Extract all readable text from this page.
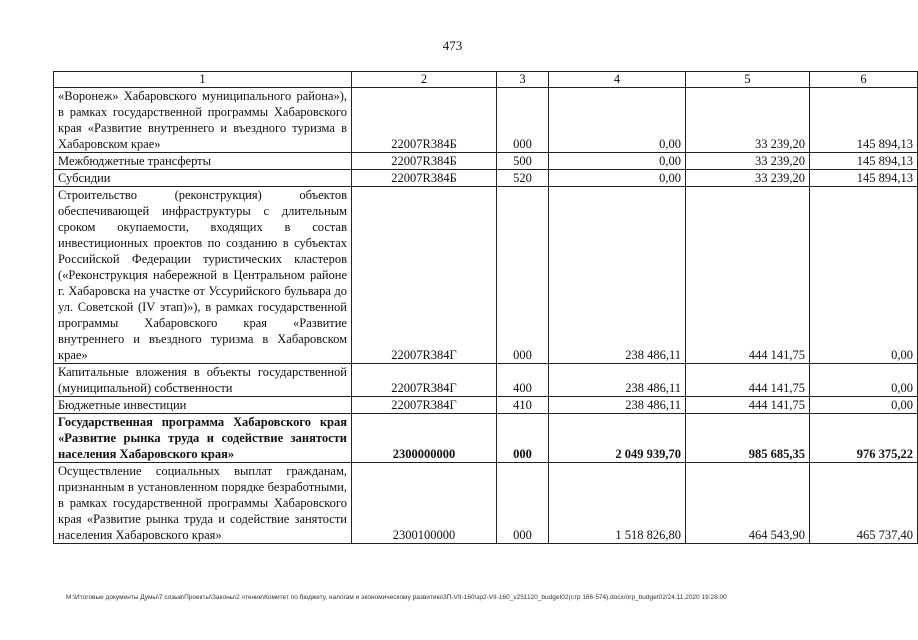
473
1	2	3	4	5	6
«Воронеж» Хабаровского муниципального района»), в рамках государственной программы Хабаровского края «Развитие внутреннего и въездного туризма в Хабаровском крае»	22007R384Б	000	0,00	33 239,20	145 894,13
Межбюджетные трансферты	22007R384Б	500	0,00	33 239,20	145 894,13
Субсидии	22007R384Б	520	0,00	33 239,20	145 894,13
Строительство (реконструкция) объектов обеспечивающей инфраструктуры с длительным сроком окупаемости, входящих в состав инвестиционных проектов по созданию в субъектах Российской Федерации туристических кластеров («Реконструкция набережной в Центральном районе г. Хабаровска на участке от Уссурийского бульвара до ул. Советской (IV этап)»), в рамках государственной программы Хабаровского края «Развитие внутреннего и въездного туризма в Хабаровском крае»	22007R384Г	000	238 486,11	444 141,75	0,00
Капитальные вложения в объекты государственной (муниципальной) собственности	22007R384Г	400	238 486,11	444 141,75	0,00
Бюджетные инвестиции	22007R384Г	410	238 486,11	444 141,75	0,00
Государственная программа Хабаровского края «Развитие рынка труда и содействие занятости населения Хабаровского края»	2300000000	000	2 049 939,70	985 685,35	976 375,22
Осуществление социальных выплат гражданам, признанным в установленном порядке безработными, в рамках государственной программы Хабаровского края «Развитие рынка труда и содействие занятости населения Хабаровского края»	2300100000	000	1 518 826,80	464 543,90	465 737,40
M:\Итоговые документы Думы\7 созыв\Проекты\Законы\2 чтение\Комитет по бюджету, налогам и экономическому развитию\3П-VII-160\зр2-VII-160_v251120_budget02(стр 166-574).docx/orp_budget02/24.11.2020 19:28:00
